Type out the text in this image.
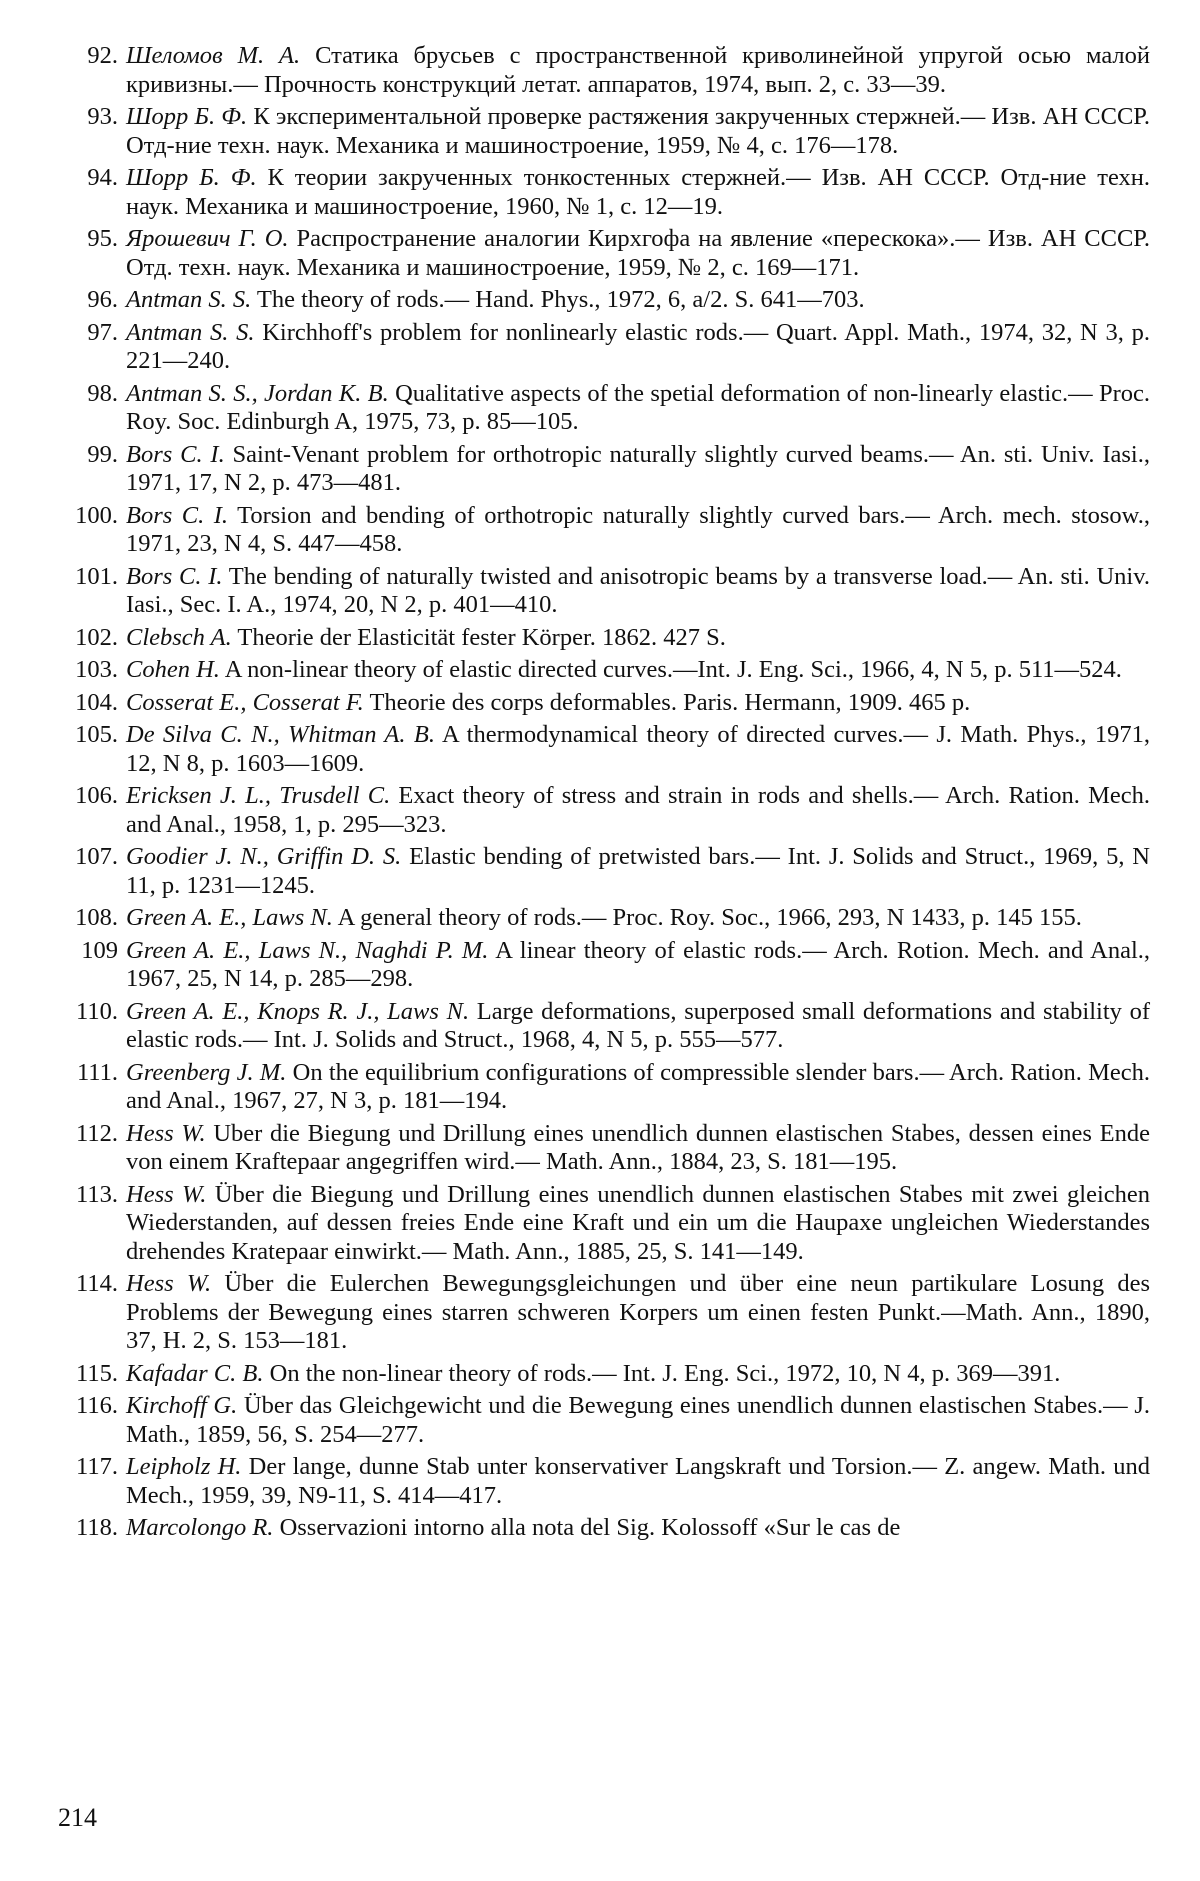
92. Шеломов М. А. Статика брусьев с пространственной криволинейной упругой осью малой кривизны.— Прочность конструкций летат. аппаратов, 1974, вып. 2, с. 33—39.
93. Шорр Б. Ф. К экспериментальной проверке растяжения закрученных стержней.— Изв. АН СССР. Отд-ние техн. наук. Механика и машиностроение, 1959, № 4, с. 176—178.
94. Шорр Б. Ф. К теории закрученных тонкостенных стержней.— Изв. АН СССР. Отд-ние техн. наук. Механика и машиностроение, 1960, № 1, с. 12—19.
95. Ярошевич Г. О. Распространение аналогии Кирхгофа на явление «перескока».— Изв. АН СССР. Отд. техн. наук. Механика и машиностроение, 1959, № 2, с. 169—171.
96. Antman S. S. The theory of rods.— Hand. Phys., 1972, 6, a/2. S. 641—703.
97. Antman S. S. Kirchhoff's problem for nonlinearly elastic rods.— Quart. Appl. Math., 1974, 32, N 3, p. 221—240.
98. Antman S. S., Jordan K. B. Qualitative aspects of the spetial deformation of non-linearly elastic.— Proc. Roy. Soc. Edinburgh A, 1975, 73, p. 85—105.
99. Bors C. I. Saint-Venant problem for orthotropic naturally slightly curved beams.— An. sti. Univ. Iasi., 1971, 17, N 2, p. 473—481.
100. Bors C. I. Torsion and bending of orthotropic naturally slightly curved bars.— Arch. mech. stosow., 1971, 23, N 4, S. 447—458.
101. Bors C. I. The bending of naturally twisted and anisotropic beams by a transverse load.— An. sti. Univ. Iasi., Sec. I. A., 1974, 20, N 2, p. 401—410.
102. Clebsch A. Theorie der Elasticität fester Körper. 1862. 427 S.
103. Cohen H. A non-linear theory of elastic directed curves.—Int. J. Eng. Sci., 1966, 4, N 5, p. 511—524.
104. Cosserat E., Cosserat F. Theorie des corps deformables. Paris. Hermann, 1909. 465 p.
105. De Silva C. N., Whitman A. B. A thermodynamical theory of directed curves.— J. Math. Phys., 1971, 12, N 8, p. 1603—1609.
106. Ericksen J. L., Trusdell C. Exact theory of stress and strain in rods and shells.— Arch. Ration. Mech. and Anal., 1958, 1, p. 295—323.
107. Goodier J. N., Griffin D. S. Elastic bending of pretwisted bars.— Int. J. Solids and Struct., 1969, 5, N 11, p. 1231—1245.
108. Green A. E., Laws N. A general theory of rods.— Proc. Roy. Soc., 1966, 293, N 1433, p. 145 155.
109 Green A. E., Laws N., Naghdi P. M. A linear theory of elastic rods.— Arch. Rotion. Mech. and Anal., 1967, 25, N 14, p. 285—298.
110. Green A. E., Knops R. J., Laws N. Large deformations, superposed small deformations and stability of elastic rods.— Int. J. Solids and Struct., 1968, 4, N 5, p. 555—577.
111. Greenberg J. M. On the equilibrium configurations of compressible slender bars.— Arch. Ration. Mech. and Anal., 1967, 27, N 3, p. 181—194.
112. Hess W. Uber die Biegung und Drillung eines unendlich dunnen elastischen Stabes, dessen eines Ende von einem Kraftepaar angegriffen wird.— Math. Ann., 1884, 23, S. 181—195.
113. Hess W. Über die Biegung und Drillung eines unendlich dunnen elastischen Stabes mit zwei gleichen Wiederstanden, auf dessen freies Ende eine Kraft und ein um die Haupaxe ungleichen Wiederstandes drehendes Kratepaar einwirkt.— Math. Ann., 1885, 25, S. 141—149.
114. Hess W. Über die Eulerchen Bewegungsgleichungen und über eine neun partikulare Losung des Problems der Bewegung eines starren schweren Korpers um einen festen Punkt.—Math. Ann., 1890, 37, H. 2, S. 153—181.
115. Kafadar C. B. On the non-linear theory of rods.— Int. J. Eng. Sci., 1972, 10, N 4, p. 369—391.
116. Kirchoff G. Über das Gleichgewicht und die Bewegung eines unendlich dunnen elastischen Stabes.— J. Math., 1859, 56, S. 254—277.
117. Leipholz H. Der lange, dunne Stab unter konservativer Langskraft und Torsion.— Z. angew. Math. und Mech., 1959, 39, N9-11, S. 414—417.
118. Marcolongo R. Osservazioni intorno alla nota del Sig. Kolossoff «Sur le cas de
214
